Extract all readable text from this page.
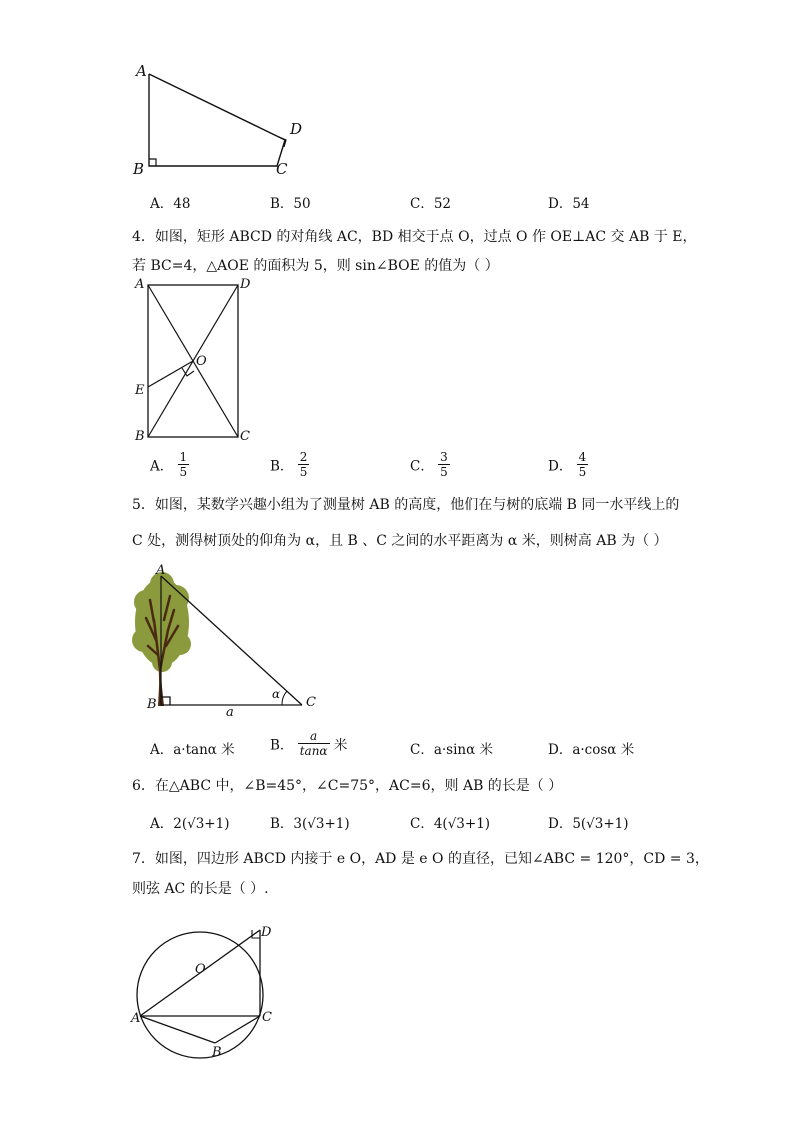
A
B	C
D
A．48	B．50	C．52	D．54
4．如图，矩形 ABCD 的对角线 AC，BD 相交于点 O，过点 O 作 OE⊥AC 交 AB 于 E，
若 BC=4，△AOE 的面积为 5，则 sin∠BOE 的值为（ ）
A	D
O
E
B	C
A． $\frac{1}{5}$	B． $\frac{2}{5}$	C． $\frac{3}{5}$	D． $\frac{4}{5}$
5．如图，某数学兴趣小组为了测量树 AB 的高度，他们在与树的底端 B 同一水平线上的
C 处，测得树顶处的仰角为 α，且 B 、C 之间的水平距离为 α 米，则树高 AB 为（ ）
A
B	C
α
a
A．a·tanα 米	B． $\frac{a}{\tan\alpha}$ 米	C．a·sinα 米	D．a·cosα 米
6．在△ABC 中，∠B=45°，∠C=75°，AC=6，则 AB 的长是（ ）
A．2(√3+1)	B．3(√3+1)	C．4(√3+1)	D．5(√3+1)
7．如图，四边形 ABCD 内接于 e O，AD 是 e O 的直径，已知∠ABC = 120°，CD = 3，
则弦 AC 的长是（ ）.
D
O
A	C
B
